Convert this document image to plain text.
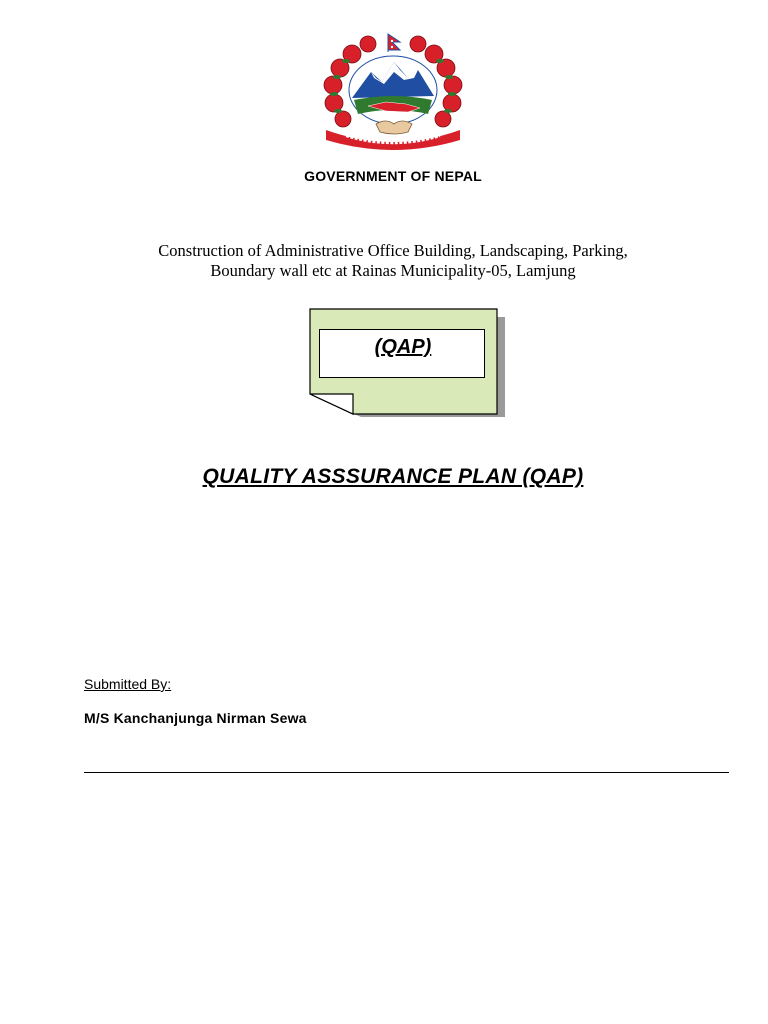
GOVERNMENT OF NEPAL
Construction of Administrative Office Building, Landscaping, Parking,
Boundary wall etc at Rainas Municipality-05, Lamjung
(QAP)
QUALITY ASSSURANCE PLAN (QAP)
Submitted By:
M/S Kanchanjunga Nirman Sewa
